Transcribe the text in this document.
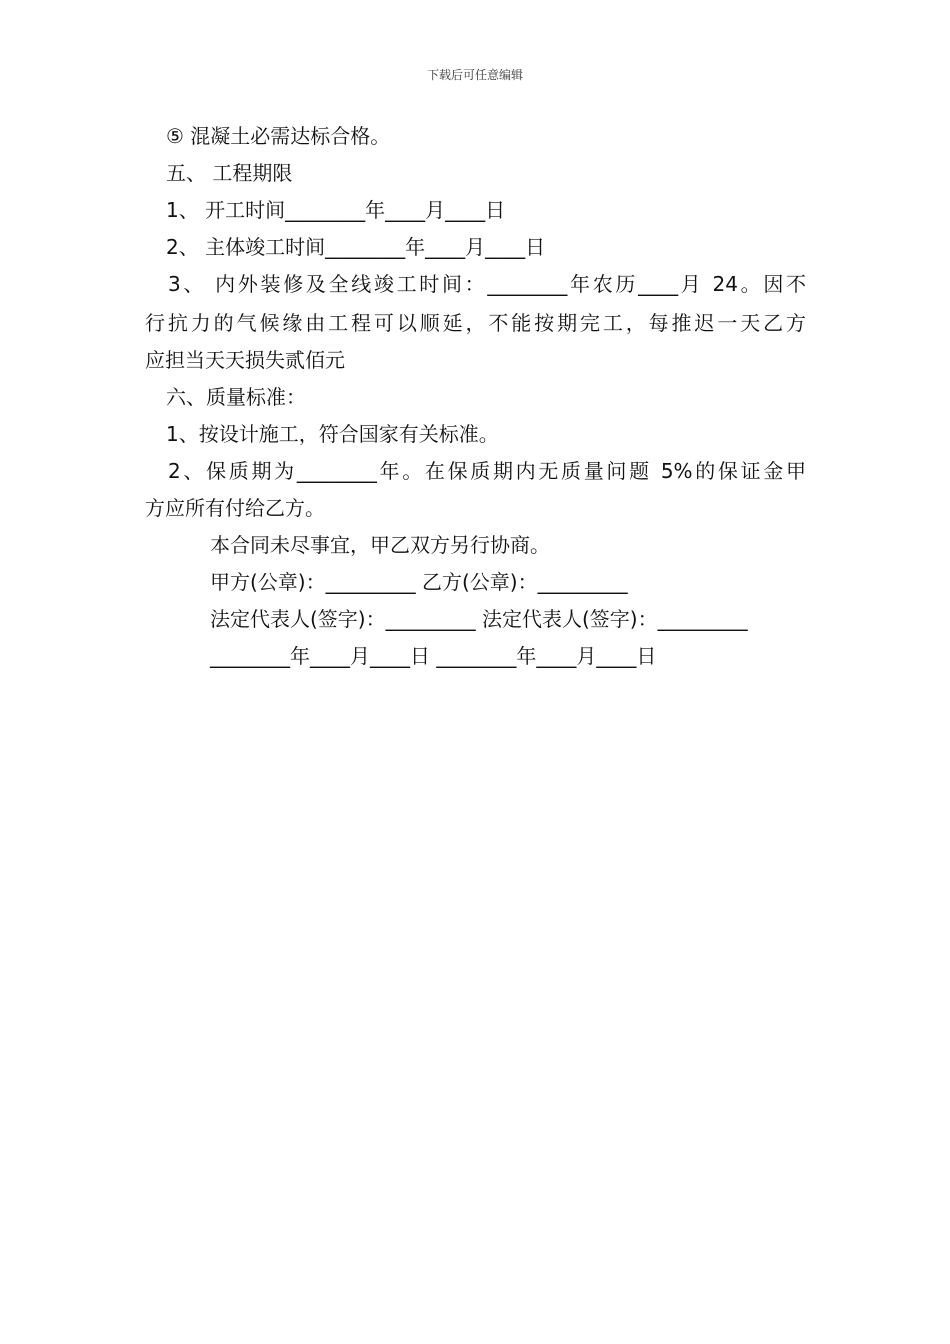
下载后可任意编辑
⑤ 混凝土必需达标合格。
五、 工程期限
1、 开工时间________年____月____日
2、 主体竣工时间________年____月____日
3、 内外装修及全线竣工时间：________年农历____月 24。因不
行抗力的气候缘由工程可以顺延，不能按期完工，每推迟一天乙方
应担当天天损失贰佰元
六、质量标准：
1、按设计施工，符合国家有关标准。
2、保质期为________年。在保质期内无质量问题 5%的保证金甲
方应所有付给乙方。
本合同未尽事宜，甲乙双方另行协商。
甲方(公章)：_________ 乙方(公章)：_________
法定代表人(签字)：_________ 法定代表人(签字)：_________
________年____月____日 ________年____月____日
